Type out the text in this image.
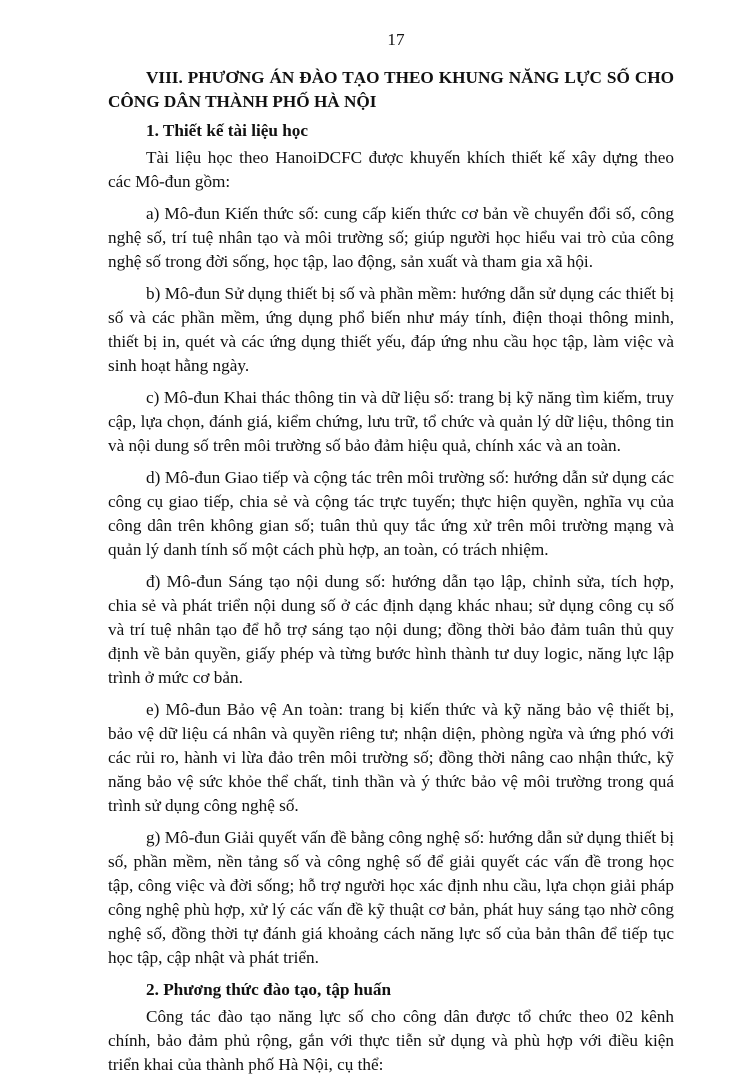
17
VIII. PHƯƠNG ÁN ĐÀO TẠO THEO KHUNG NĂNG LỰC SỐ CHO CÔNG DÂN THÀNH PHỐ HÀ NỘI
1. Thiết kế tài liệu học

Tài liệu học theo HanoiDCFC được khuyến khích thiết kế xây dựng theo các Mô-đun gồm:

a) Mô-đun Kiến thức số: cung cấp kiến thức cơ bản về chuyển đổi số, công nghệ số, trí tuệ nhân tạo và môi trường số; giúp người học hiểu vai trò của công nghệ số trong đời sống, học tập, lao động, sản xuất và tham gia xã hội.

b) Mô-đun Sử dụng thiết bị số và phần mềm: hướng dẫn sử dụng các thiết bị số và các phần mềm, ứng dụng phổ biến như máy tính, điện thoại thông minh, thiết bị in, quét và các ứng dụng thiết yếu, đáp ứng nhu cầu học tập, làm việc và sinh hoạt hằng ngày.

c) Mô-đun Khai thác thông tin và dữ liệu số: trang bị kỹ năng tìm kiếm, truy cập, lựa chọn, đánh giá, kiểm chứng, lưu trữ, tổ chức và quản lý dữ liệu, thông tin và nội dung số trên môi trường số bảo đảm hiệu quả, chính xác và an toàn.

d) Mô-đun Giao tiếp và cộng tác trên môi trường số: hướng dẫn sử dụng các công cụ giao tiếp, chia sẻ và cộng tác trực tuyến; thực hiện quyền, nghĩa vụ của công dân trên không gian số; tuân thủ quy tắc ứng xử trên môi trường mạng và quản lý danh tính số một cách phù hợp, an toàn, có trách nhiệm.

đ) Mô-đun Sáng tạo nội dung số: hướng dẫn tạo lập, chỉnh sửa, tích hợp, chia sẻ và phát triển nội dung số ở các định dạng khác nhau; sử dụng công cụ số và trí tuệ nhân tạo để hỗ trợ sáng tạo nội dung; đồng thời bảo đảm tuân thủ quy định về bản quyền, giấy phép và từng bước hình thành tư duy logic, năng lực lập trình ở mức cơ bản.

e) Mô-đun Bảo vệ An toàn: trang bị kiến thức và kỹ năng bảo vệ thiết bị, bảo vệ dữ liệu cá nhân và quyền riêng tư; nhận diện, phòng ngừa và ứng phó với các rủi ro, hành vi lừa đảo trên môi trường số; đồng thời nâng cao nhận thức, kỹ năng bảo vệ sức khỏe thể chất, tinh thần và ý thức bảo vệ môi trường trong quá trình sử dụng công nghệ số.

g) Mô-đun Giải quyết vấn đề bằng công nghệ số: hướng dẫn sử dụng thiết bị số, phần mềm, nền tảng số và công nghệ số để giải quyết các vấn đề trong học tập, công việc và đời sống; hỗ trợ người học xác định nhu cầu, lựa chọn giải pháp công nghệ phù hợp, xử lý các vấn đề kỹ thuật cơ bản, phát huy sáng tạo nhờ công nghệ số, đồng thời tự đánh giá khoảng cách năng lực số của bản thân để tiếp tục học tập, cập nhật và phát triển.

2. Phương thức đào tạo, tập huấn

Công tác đào tạo năng lực số cho công dân được tổ chức theo 02 kênh chính, bảo đảm phủ rộng, gắn với thực tiễn sử dụng và phù hợp với điều kiện triển khai của thành phố Hà Nội, cụ thể:
